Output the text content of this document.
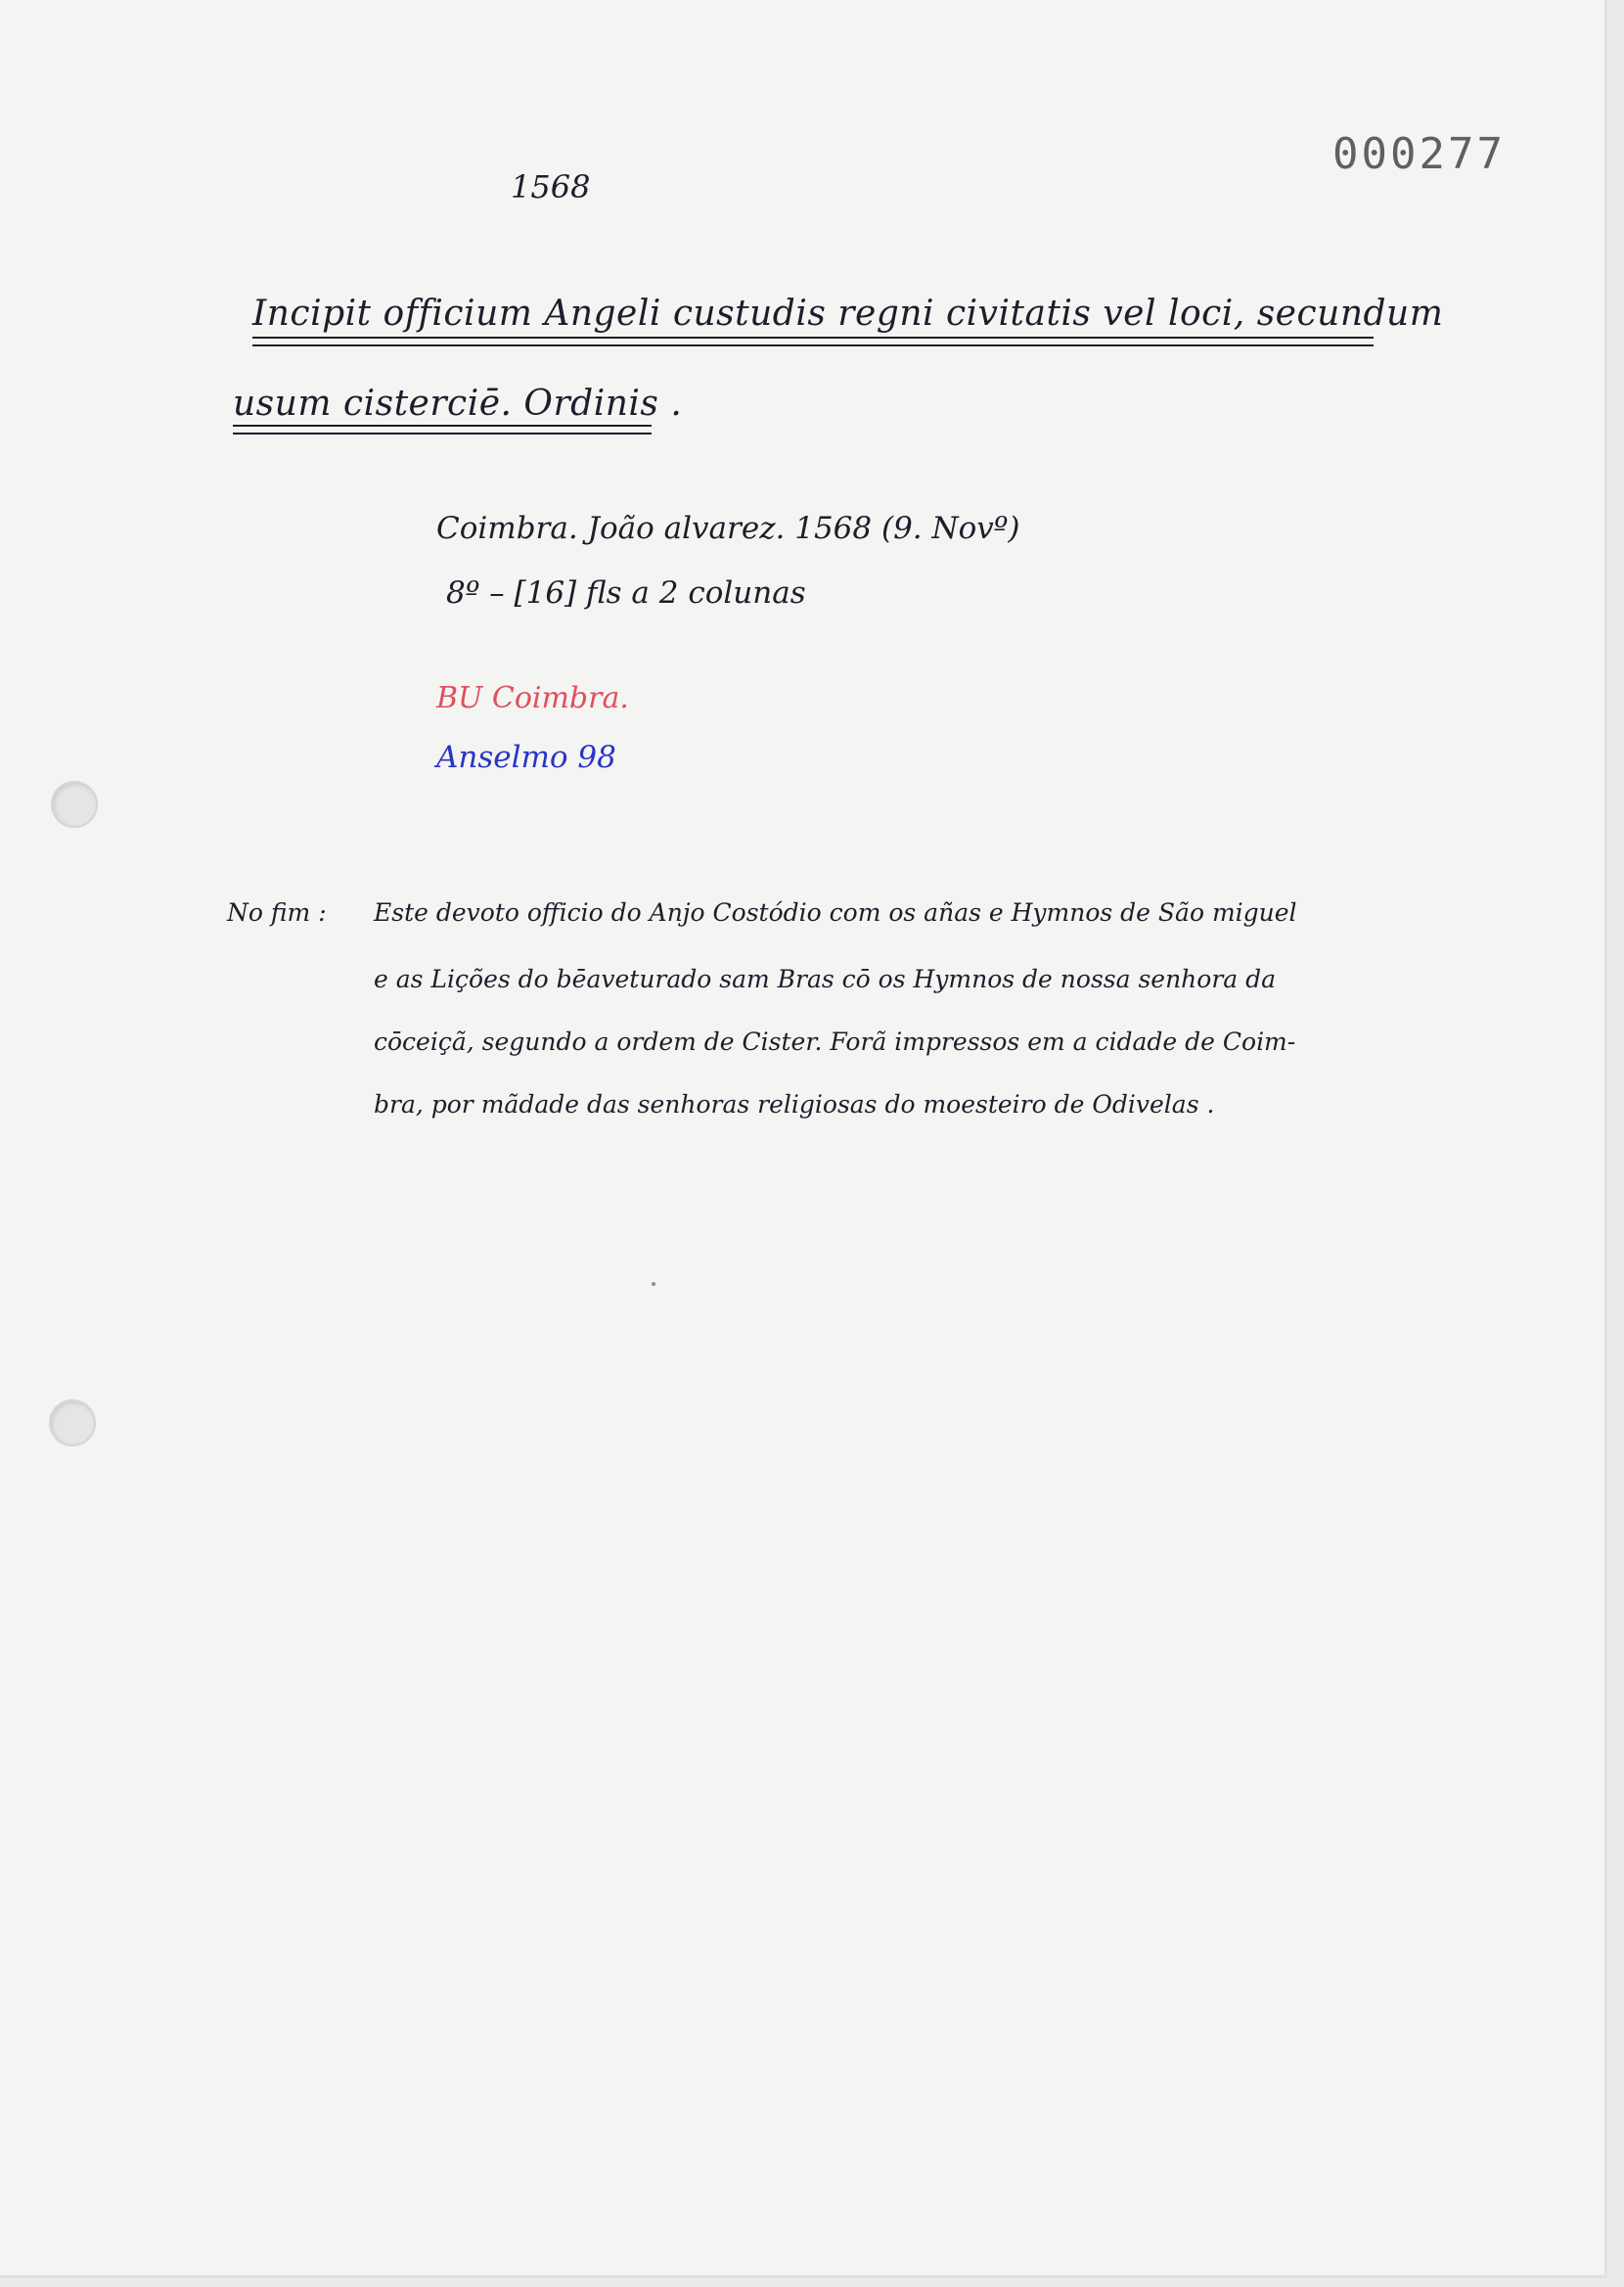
000277
1568
Incipit officium Angeli custudis regni civitatis vel loci, secundum
usum cisterciē. Ordinis .
Coimbra. João alvarez. 1568 (9. Novº)
8º – [16] fls a 2 colunas
BU Coimbra.
Anselmo 98
No fim : Este devoto officio do Anjo Costódio com os añas e Hymnos de São miguel
e as Lições do bēaveturado sam Bras cō os Hymnos de nossa senhora da
cōceiçã, segundo a ordem de Cister. Forã impressos em a cidade de Coim-
bra, por mãdade das senhoras religiosas do moesteiro de Odivelas .
